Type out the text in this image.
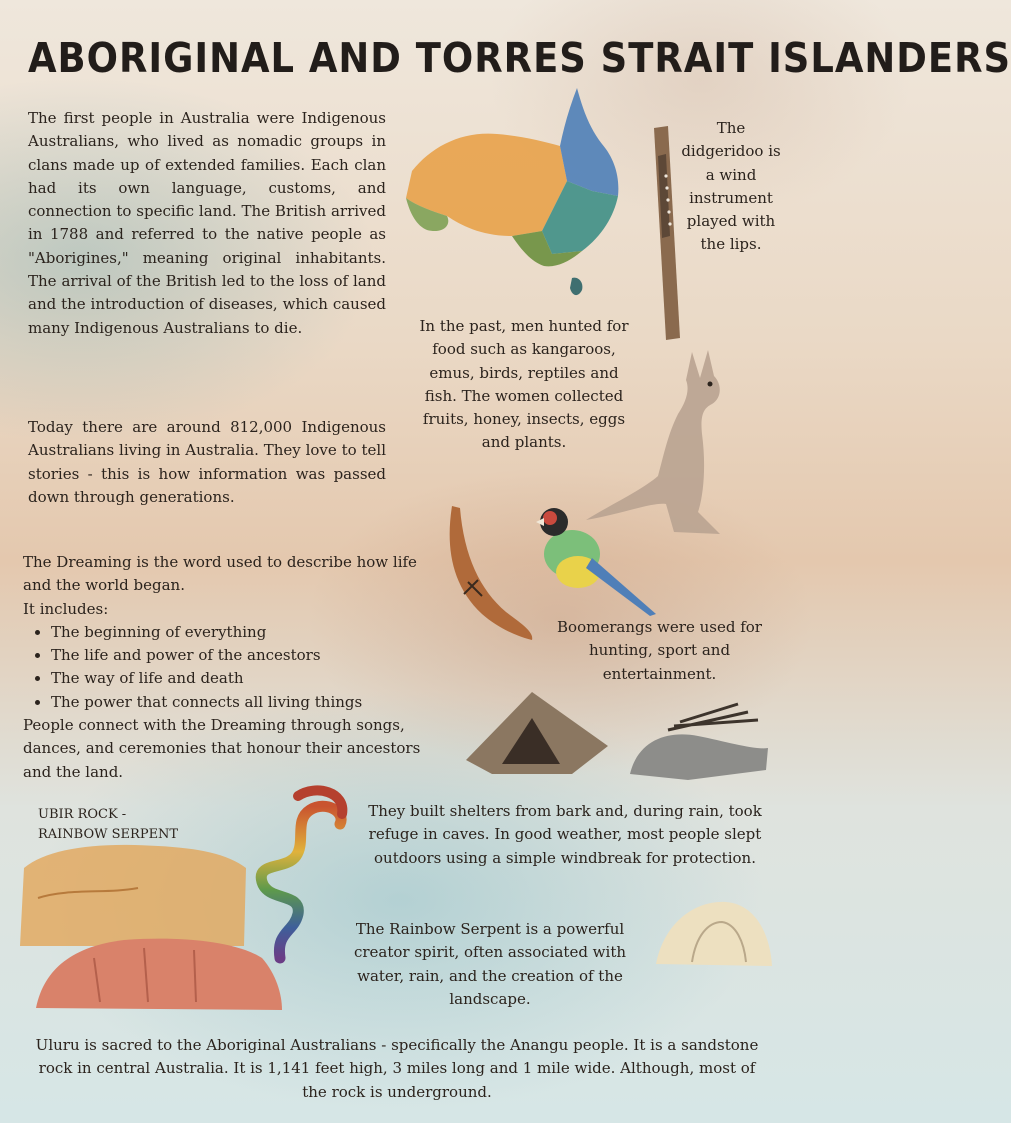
ABORIGINAL AND TORRES STRAIT ISLANDERS
The first people in Australia were Indigenous Australians, who lived as nomadic groups in clans made up of extended families. Each clan had its own language, customs, and connection to specific land. The British arrived in 1788 and referred to the native people as "Aborigines," meaning original inhabitants. The arrival of the British led to the loss of land and the introduction of diseases, which caused many Indigenous Australians to die.
Today there are around 812,000 Indigenous Australians living in Australia. They love to tell stories - this is how information was passed down through generations.
The Dreaming is the word used to describe how life and the world began.
It includes:
• The beginning of everything
• The life and power of the ancestors
• The way of life and death
• The power that connects all living things
People connect with the Dreaming through songs, dances, and ceremonies that honour their ancestors and the land.
The didgeridoo is a wind instrument played with the lips.
In the past, men hunted for food such as kangaroos, emus, birds, reptiles and fish. The women collected fruits, honey, insects, eggs and plants.
Boomerangs were used for hunting, sport and entertainment.
They built shelters from bark and, during rain, took refuge in caves. In good weather, most people slept outdoors using a simple windbreak for protection.
The Rainbow Serpent is a powerful creator spirit, often associated with water, rain, and the creation of the landscape.
Uluru is sacred to the Aboriginal Australians - specifically the Anangu people. It is a sandstone rock in central Australia. It is 1,141 feet high, 3 miles long and 1 mile wide. Although, most of the rock is underground.
UBIR ROCK -
RAINBOW SERPENT
